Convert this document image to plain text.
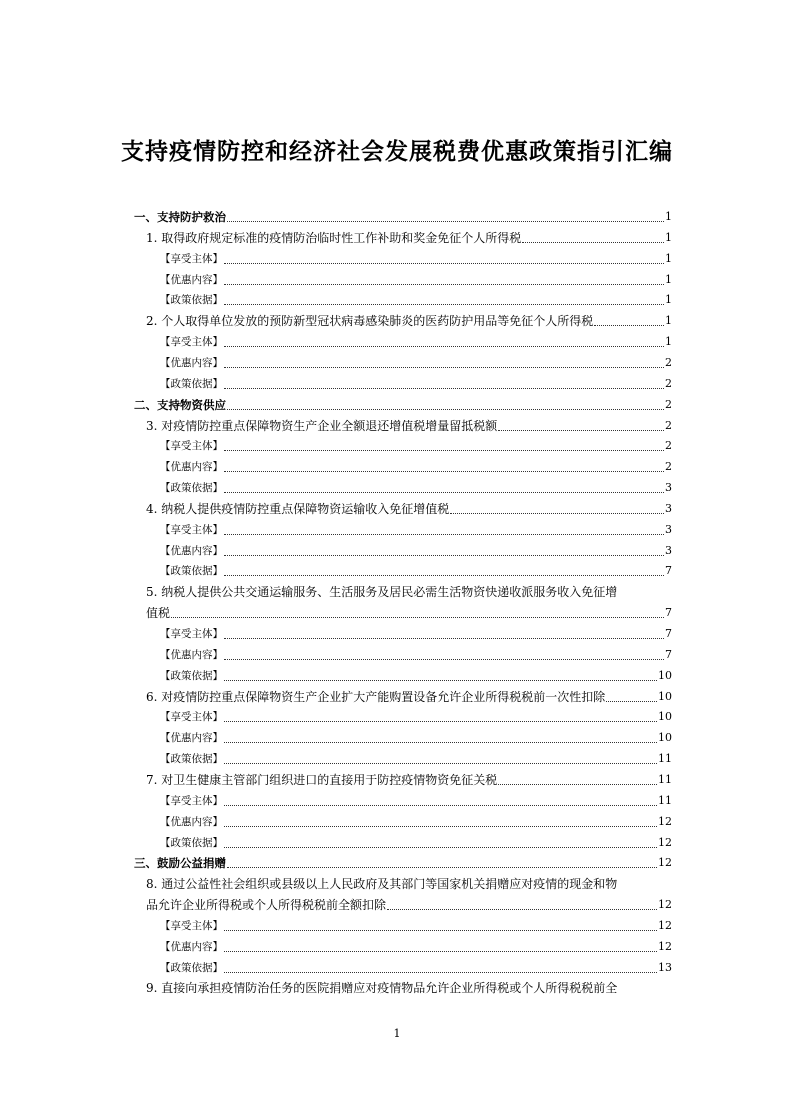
支持疫情防控和经济社会发展税费优惠政策指引汇编
一、支持防护救治	1
1. 取得政府规定标准的疫情防治临时性工作补助和奖金免征个人所得税	1
【享受主体】	1
【优惠内容】	1
【政策依据】	1
2. 个人取得单位发放的预防新型冠状病毒感染肺炎的医药防护用品等免征个人所得税	1
【享受主体】	1
【优惠内容】	2
【政策依据】	2
二、支持物资供应	2
3. 对疫情防控重点保障物资生产企业全额退还增值税增量留抵税额	2
【享受主体】	2
【优惠内容】	2
【政策依据】	3
4. 纳税人提供疫情防控重点保障物资运输收入免征增值税	3
【享受主体】	3
【优惠内容】	3
【政策依据】	7
5. 纳税人提供公共交通运输服务、生活服务及居民必需生活物资快递收派服务收入免征增
值税	7
【享受主体】	7
【优惠内容】	7
【政策依据】	10
6. 对疫情防控重点保障物资生产企业扩大产能购置设备允许企业所得税税前一次性扣除	10
【享受主体】	10
【优惠内容】	10
【政策依据】	11
7. 对卫生健康主管部门组织进口的直接用于防控疫情物资免征关税	11
【享受主体】	11
【优惠内容】	12
【政策依据】	12
三、鼓励公益捐赠	12
8. 通过公益性社会组织或县级以上人民政府及其部门等国家机关捐赠应对疫情的现金和物
品允许企业所得税或个人所得税税前全额扣除	12
【享受主体】	12
【优惠内容】	12
【政策依据】	13
9. 直接向承担疫情防治任务的医院捐赠应对疫情物品允许企业所得税或个人所得税税前全

1
